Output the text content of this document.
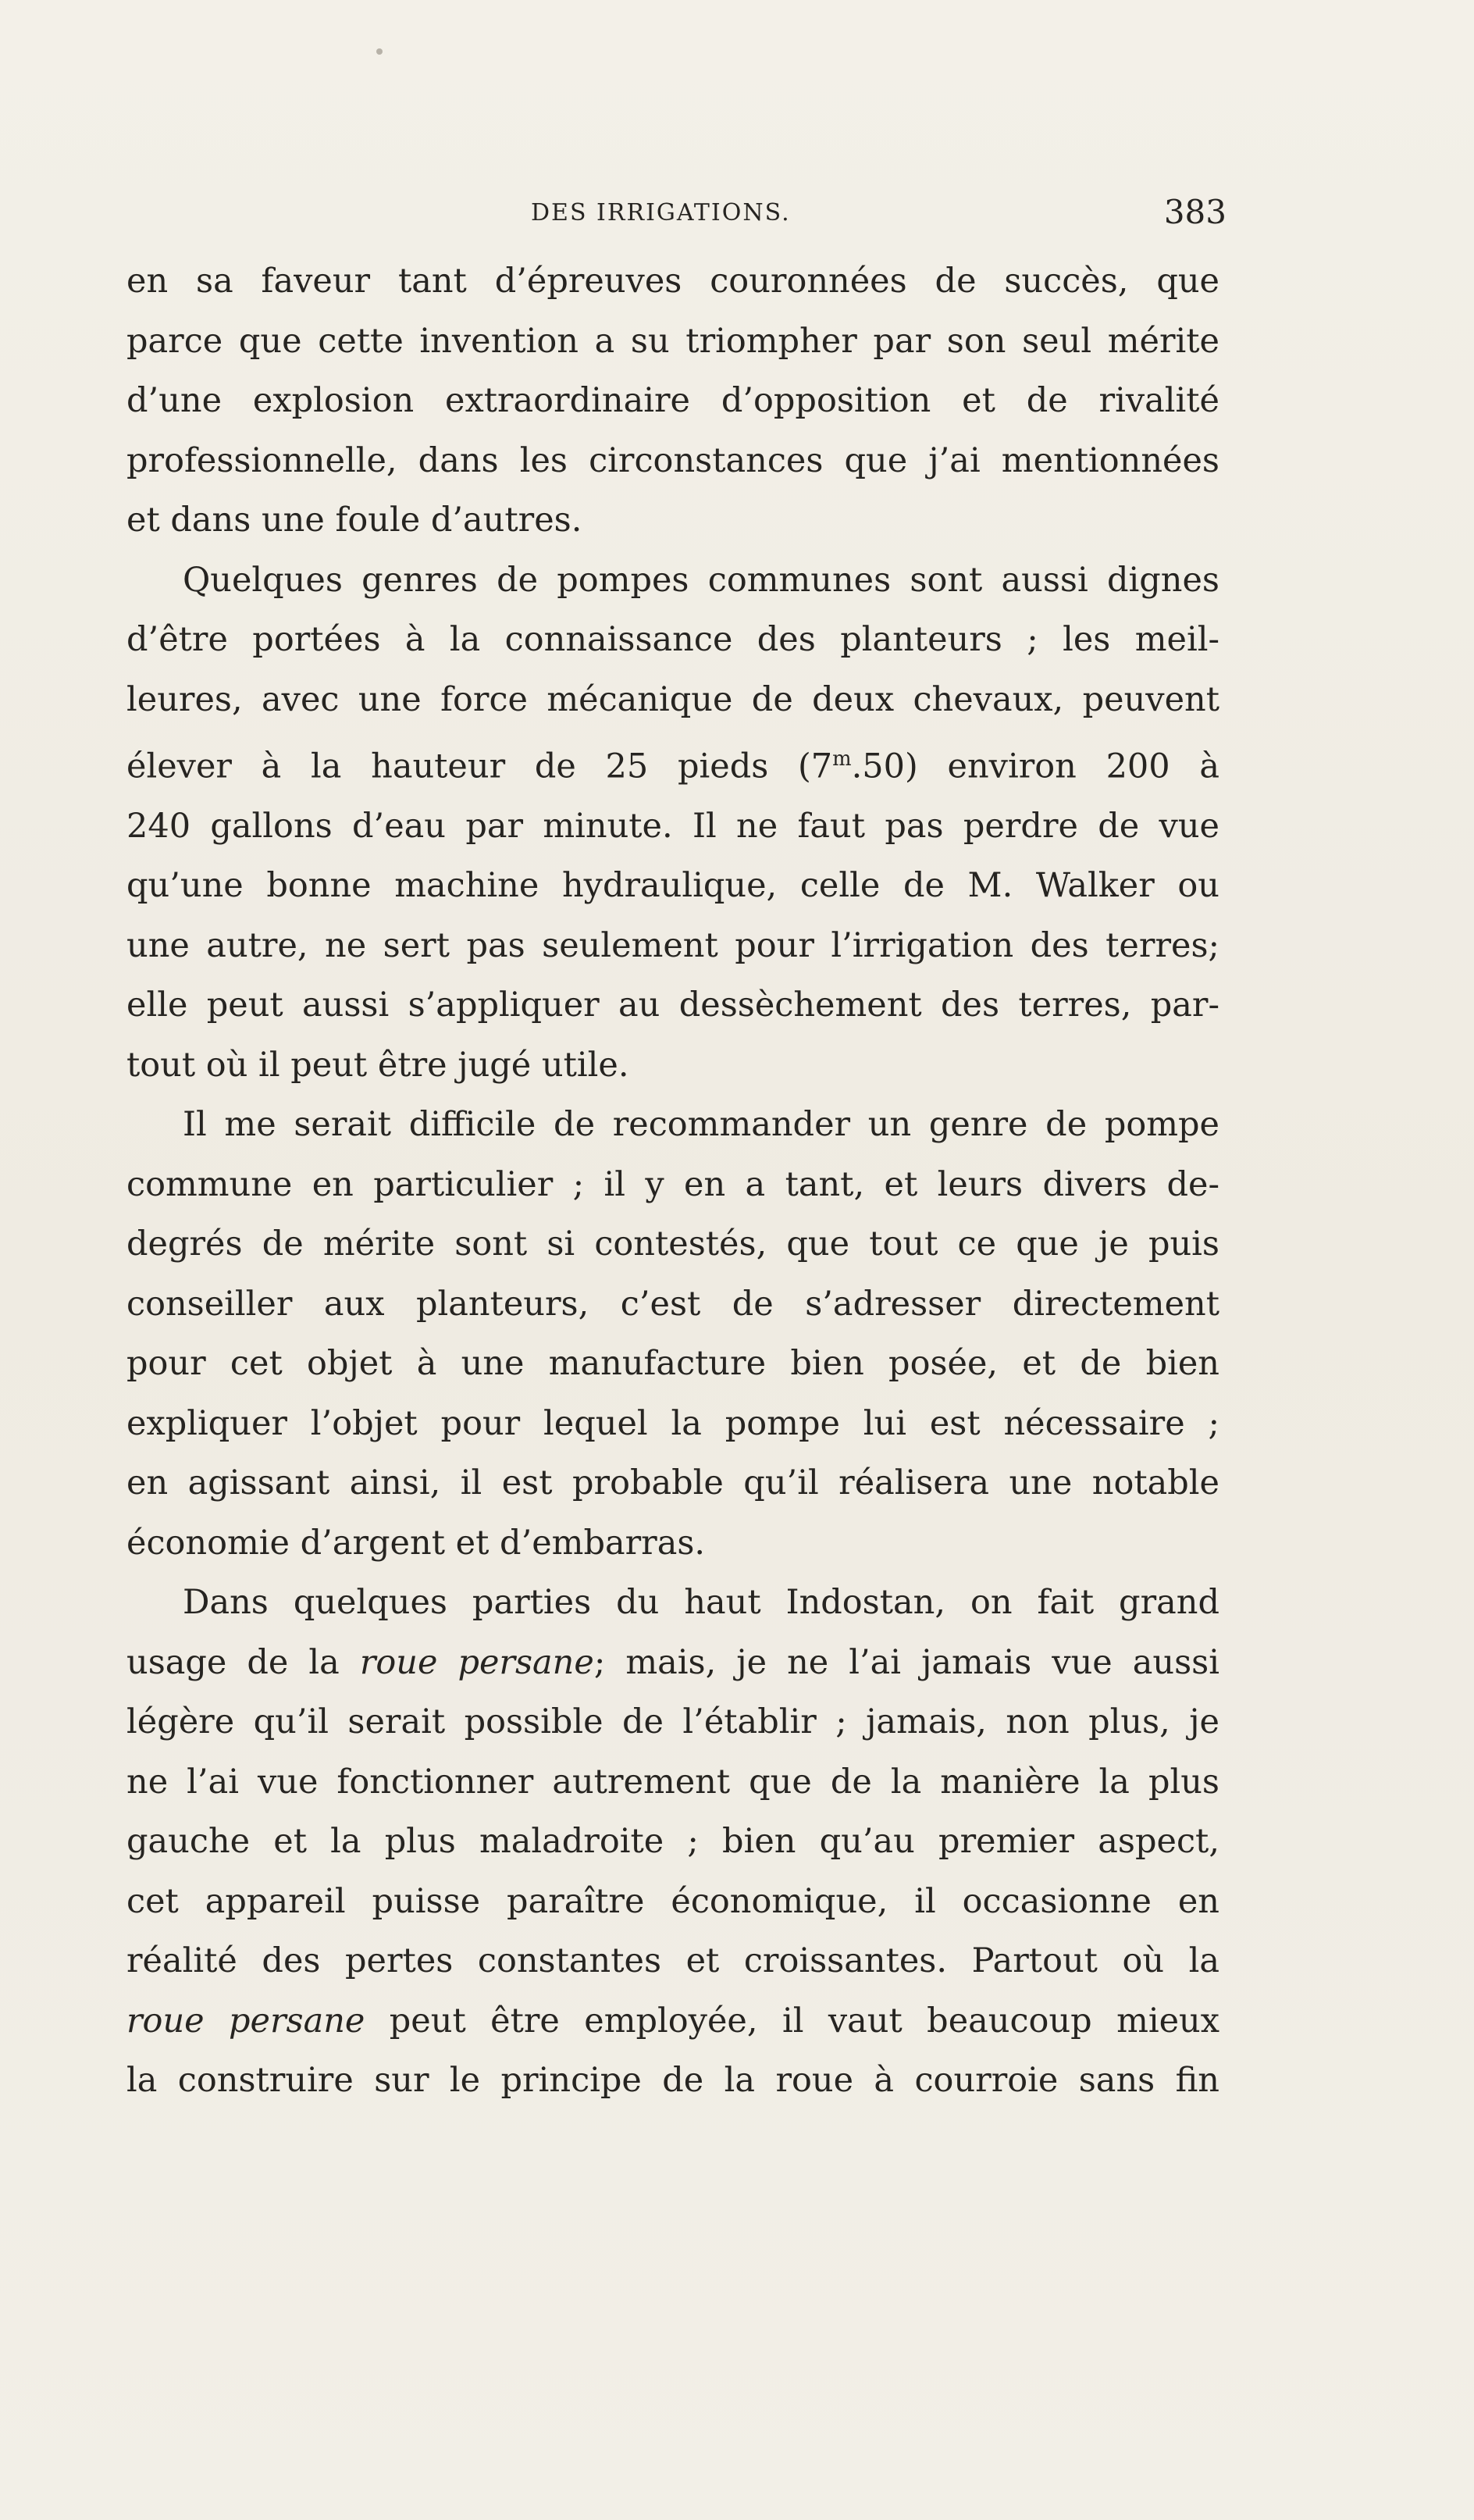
DES IRRIGATIONS.	383

en sa faveur tant d’épreuves couronnées de succès, que
parce que cette invention a su triompher par son seul mérite
d’une explosion extraordinaire d’opposition et de rivalité
professionnelle, dans les circonstances que j’ai mentionnées
et dans une foule d’autres.

Quelques genres de pompes communes sont aussi dignes
d’être portées à la connaissance des planteurs ; les meil-
leures, avec une force mécanique de deux chevaux, peuvent
élever à la hauteur de 25 pieds (7$^m$.50) environ 200 à
240 gallons d’eau par minute. Il ne faut pas perdre de vue
qu’une bonne machine hydraulique, celle de M. Walker ou
une autre, ne sert pas seulement pour l’irrigation des terres;
elle peut aussi s’appliquer au dessèchement des terres, par-
tout où il peut être jugé utile.

Il me serait difficile de recommander un genre de pompe
commune en particulier ; il y en a tant, et leurs divers de-
degrés de mérite sont si contestés, que tout ce que je puis
conseiller aux planteurs, c’est de s’adresser directement
pour cet objet à une manufacture bien posée, et de bien
expliquer l’objet pour lequel la pompe lui est nécessaire ;
en agissant ainsi, il est probable qu’il réalisera une notable
économie d’argent et d’embarras.

Dans quelques parties du haut Indostan, on fait grand
usage de la roue persane; mais, je ne l’ai jamais vue aussi
légère qu’il serait possible de l’établir ; jamais, non plus, je
ne l’ai vue fonctionner autrement que de la manière la plus
gauche et la plus maladroite ; bien qu’au premier aspect,
cet appareil puisse paraître économique, il occasionne en
réalité des pertes constantes et croissantes. Partout où la
roue persane peut être employée, il vaut beaucoup mieux
la construire sur le principe de la roue à courroie sans fin
